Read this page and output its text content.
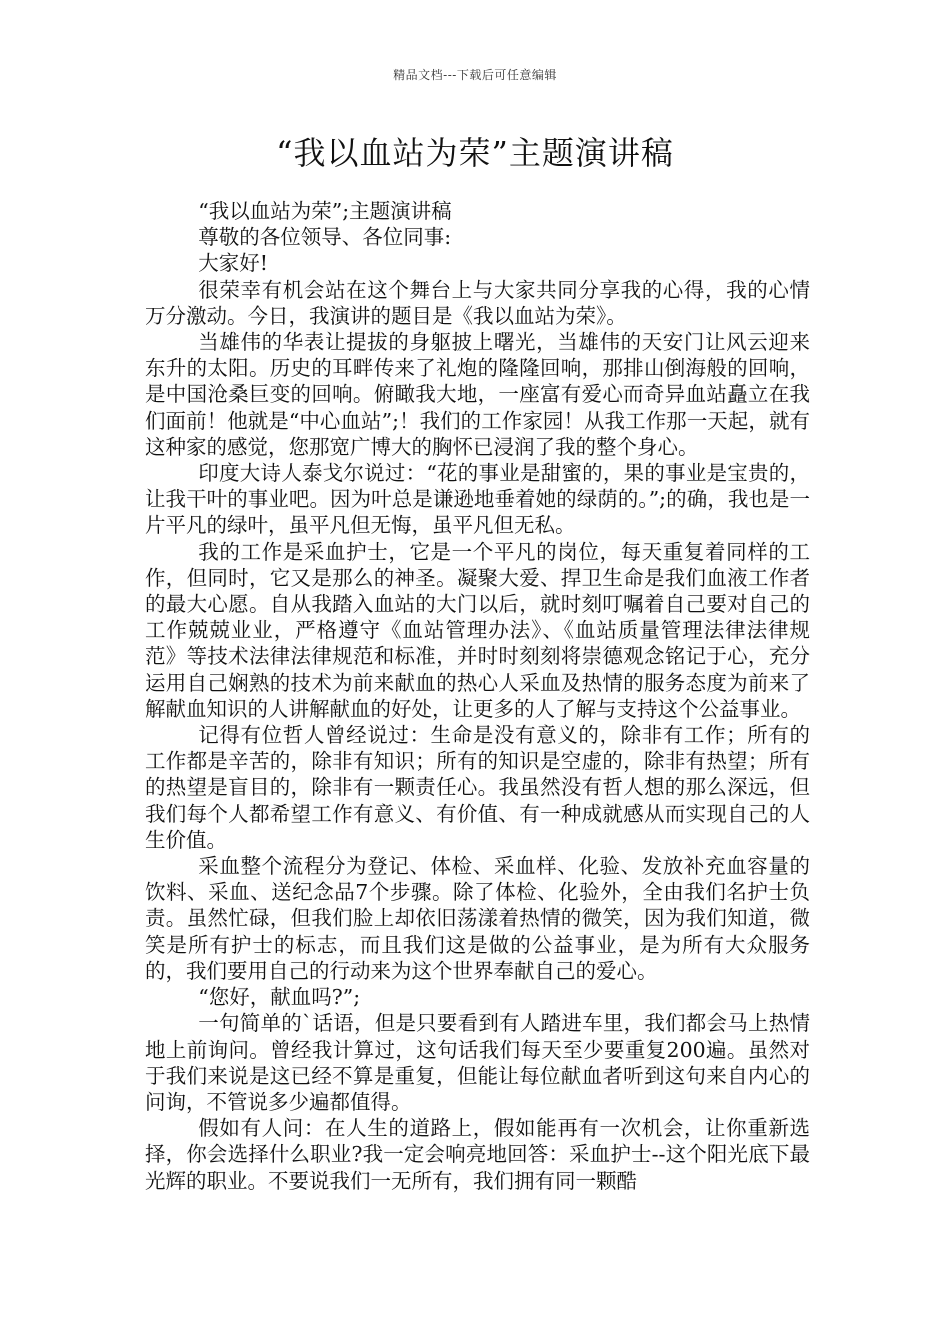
精品文档---下载后可任意编辑
“我以血站为荣”主题演讲稿

“我以血站为荣”;主题演讲稿

尊敬的各位领导、各位同事:

大家好!

很荣幸有机会站在这个舞台上与大家共同分享我的心得，我的心情万分激动。今日，我演讲的题目是《我以血站为荣》。

当雄伟的华表让提拔的身躯披上曙光，当雄伟的天安门让风云迎来东升的太阳。历史的耳畔传来了礼炮的隆隆回响，那排山倒海般的回响，是中国沧桑巨变的回响。俯瞰我大地，一座富有爱心而奇异血站矗立在我们面前！他就是“中心血站”;！我们的工作家园！从我工作那一天起，就有这种家的感觉，您那宽广博大的胸怀已浸润了我的整个身心。

印度大诗人泰戈尔说过：“花的事业是甜蜜的，果的事业是宝贵的，让我干叶的事业吧。因为叶总是谦逊地垂着她的绿荫的。”;的确，我也是一片平凡的绿叶，虽平凡但无悔，虽平凡但无私。

我的工作是采血护士，它是一个平凡的岗位，每天重复着同样的工作，但同时，它又是那么的神圣。凝聚大爱、捍卫生命是我们血液工作者的最大心愿。自从我踏入血站的大门以后，就时刻叮嘱着自己要对自己的工作兢兢业业，严格遵守《血站管理办法》、《血站质量管理法律法律规范》等技术法律法律规范和标准，并时时刻刻将崇德观念铭记于心，充分运用自己娴熟的技术为前来献血的热心人采血及热情的服务态度为前来了解献血知识的人讲解献血的好处，让更多的人了解与支持这个公益事业。

记得有位哲人曾经说过：生命是没有意义的，除非有工作；所有的工作都是辛苦的，除非有知识；所有的知识是空虚的，除非有热望；所有的热望是盲目的，除非有一颗责任心。我虽然没有哲人想的那么深远，但我们每个人都希望工作有意义、有价值、有一种成就感从而实现自己的人生价值。

采血整个流程分为登记、体检、采血样、化验、发放补充血容量的饮料、采血、送纪念品7个步骤。除了体检、化验外，全由我们名护士负责。虽然忙碌，但我们脸上却依旧荡漾着热情的微笑，因为我们知道，微笑是所有护士的标志，而且我们这是做的公益事业，是为所有大众服务的，我们要用自己的行动来为这个世界奉献自己的爱心。

“您好，献血吗?”;

一句简单的`话语，但是只要看到有人踏进车里，我们都会马上热情地上前询问。曾经我计算过，这句话我们每天至少要重复200遍。虽然对于我们来说是这已经不算是重复，但能让每位献血者听到这句来自内心的问询，不管说多少遍都值得。

假如有人问：在人生的道路上，假如能再有一次机会，让你重新选择，你会选择什么职业?我一定会响亮地回答：采血护士--这个阳光底下最光辉的职业。不要说我们一无所有，我们拥有同一颗酷
